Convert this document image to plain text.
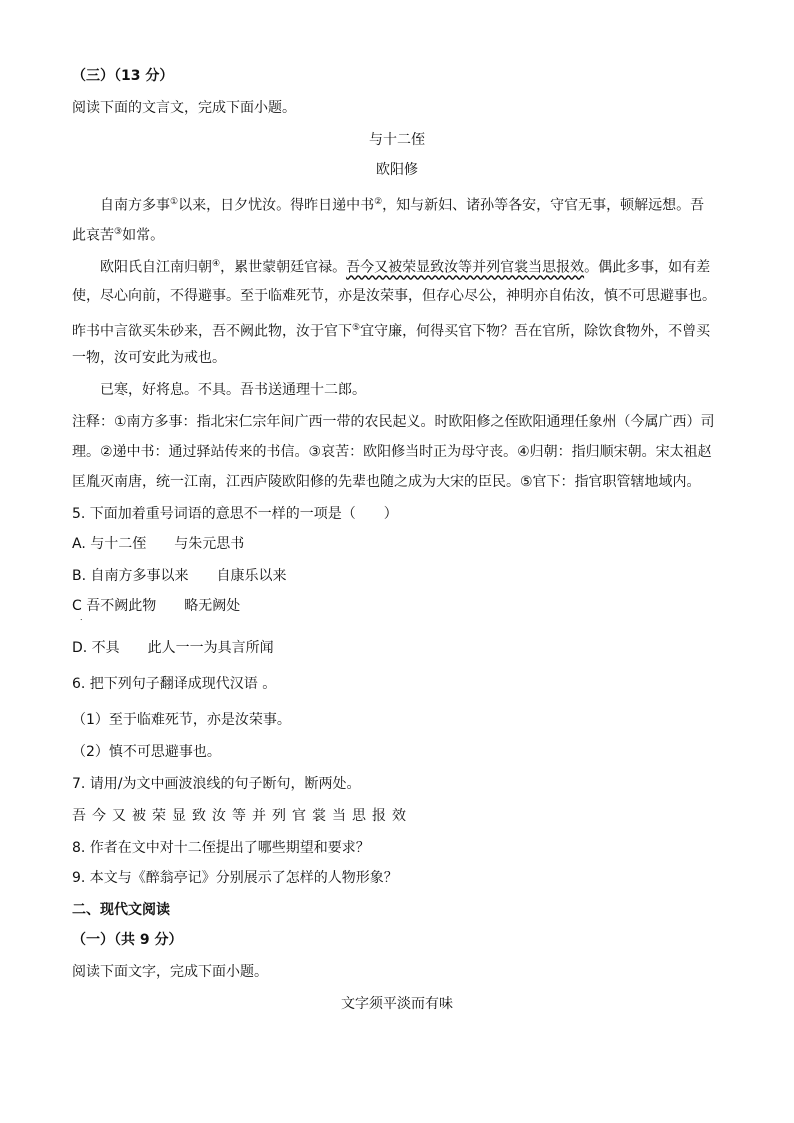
（三）（13 分）
阅读下面的文言文，完成下面小题。
与十二侄
欧阳修
自南方多事①以来，日夕忧汝。得昨日递中书②，知与新妇、诸孙等各安，守官无事，顿解远想。吾
此哀苦③如常。
欧阳氏自江南归朝④，累世蒙朝廷官禄。吾今又被荣显致汝等并列官裳当思报效。偶此多事，如有差
使，尽心向前，不得避事。至于临难死节，亦是汝荣事，但存心尽公，神明亦自佑汝，慎不可思避事也。
昨书中言欲买朱砂来，吾不阙此物，汝于官下⑤宜守廉，何得买官下物？吾在官所，除饮食物外，不曾买
一物，汝可安此为戒也。
已寒，好将息。不具。吾书送通理十二郎。
注释：①南方多事：指北宋仁宗年间广西一带的农民起义。时欧阳修之侄欧阳通理任象州（今属广西）司
理。②递中书：通过驿站传来的书信。③哀苦：欧阳修当时正为母守丧。④归朝：指归顺宋朝。宋太祖赵
匡胤灭南唐，统一江南，江西庐陵欧阳修的先辈也随之成为大宋的臣民。⑤官下：指官职管辖地域内。
5. 下面加着重号词语的意思不一样的一项是（　　）
A. 与十二侄　　与朱元思书
B. 自南方多事以来　　自康乐以来
C 吾不阙此物　　略无阙处
．
D. 不具　　此人一一为具言所闻
6. 把下列句子翻译成现代汉语 。
（1）至于临难死节，亦是汝荣事。
（2）慎不可思避事也。
7. 请用/为文中画波浪线的句子断句，断两处。
吾今又被荣显致汝等并列官裳当思报效
8. 作者在文中对十二侄提出了哪些期望和要求？
9. 本文与《醉翁亭记》分别展示了怎样的人物形象？
二、现代文阅读
（一）（共 9 分）
阅读下面文字，完成下面小题。
文字须平淡而有味
